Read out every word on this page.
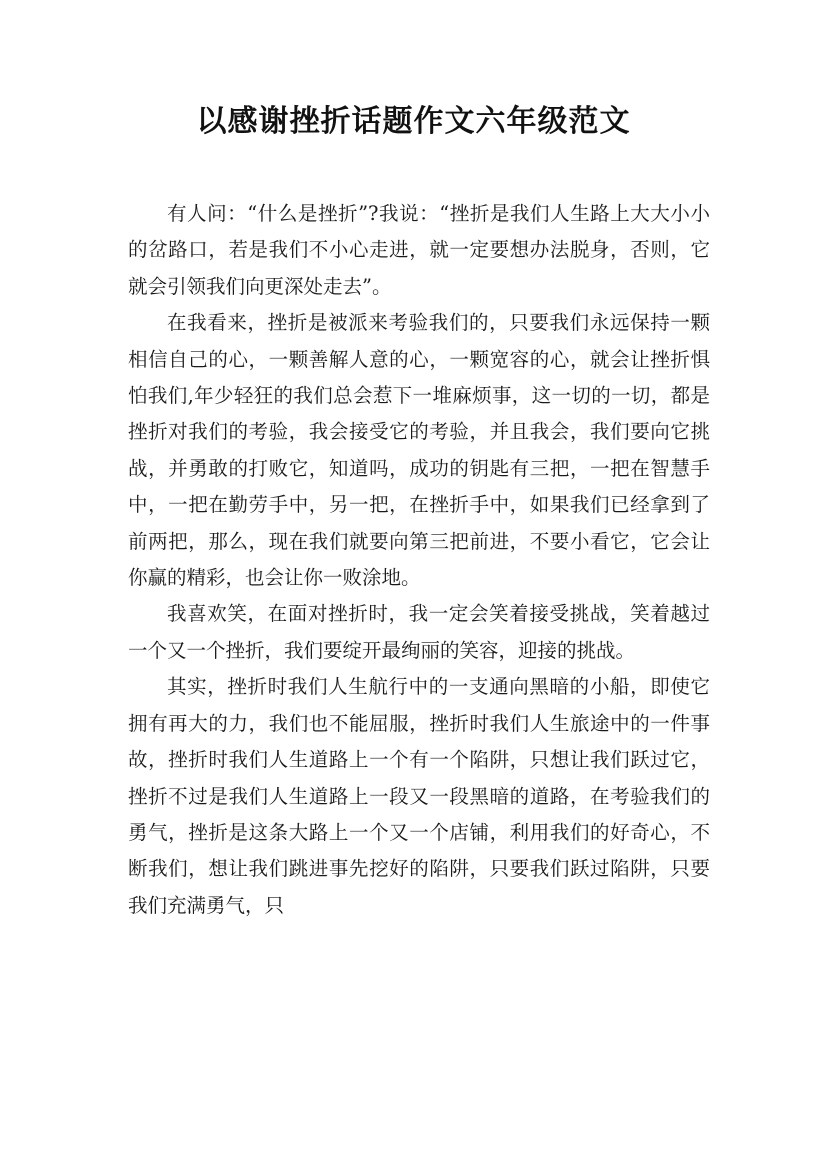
以感谢挫折话题作文六年级范文

有人问：“什么是挫折”?我说：“挫折是我们人生路上大大小小的岔路口，若是我们不小心走进，就一定要想办法脱身，否则，它就会引领我们向更深处走去”。

在我看来，挫折是被派来考验我们的，只要我们永远保持一颗相信自己的心，一颗善解人意的心，一颗宽容的心，就会让挫折惧怕我们,年少轻狂的我们总会惹下一堆麻烦事，这一切的一切，都是挫折对我们的考验，我会接受它的考验，并且我会，我们要向它挑战，并勇敢的打败它，知道吗，成功的钥匙有三把，一把在智慧手中，一把在勤劳手中，另一把，在挫折手中，如果我们已经拿到了前两把，那么，现在我们就要向第三把前进，不要小看它，它会让你赢的精彩，也会让你一败涂地。

我喜欢笑，在面对挫折时，我一定会笑着接受挑战，笑着越过一个又一个挫折，我们要绽开最绚丽的笑容，迎接的挑战。

其实，挫折时我们人生航行中的一支通向黑暗的小船，即使它拥有再大的力，我们也不能屈服，挫折时我们人生旅途中的一件事故，挫折时我们人生道路上一个有一个陷阱，只想让我们跃过它，挫折不过是我们人生道路上一段又一段黑暗的道路，在考验我们的勇气，挫折是这条大路上一个又一个店铺，利用我们的好奇心，不断我们，想让我们跳进事先挖好的陷阱，只要我们跃过陷阱，只要我们充满勇气，只
